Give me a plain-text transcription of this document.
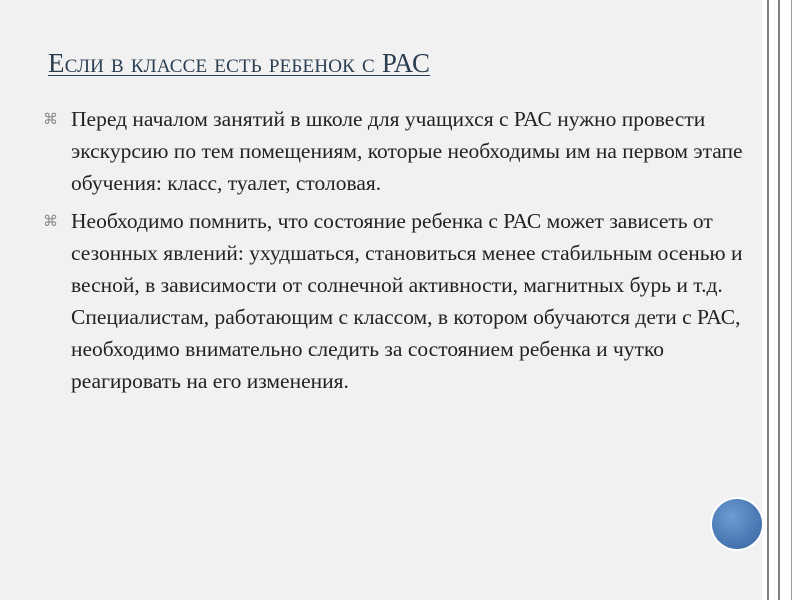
Если в классе есть ребенок с РАС
⌘ Перед началом занятий в школе для учащихся с РАС нужно провести экскурсию по тем помещениям, которые необходимы им на первом этапе обучения: класс, туалет, столовая.
⌘ Необходимо помнить, что состояние ребенка с РАС может зависеть от сезонных явлений: ухудшаться, становиться менее стабильным осенью и весной, в зависимости от солнечной активности, магнитных бурь и т.д. Специалистам, работающим с классом, в котором обучаются дети с РАС, необходимо внимательно следить за состоянием ребенка и чутко реагировать на его изменения.
